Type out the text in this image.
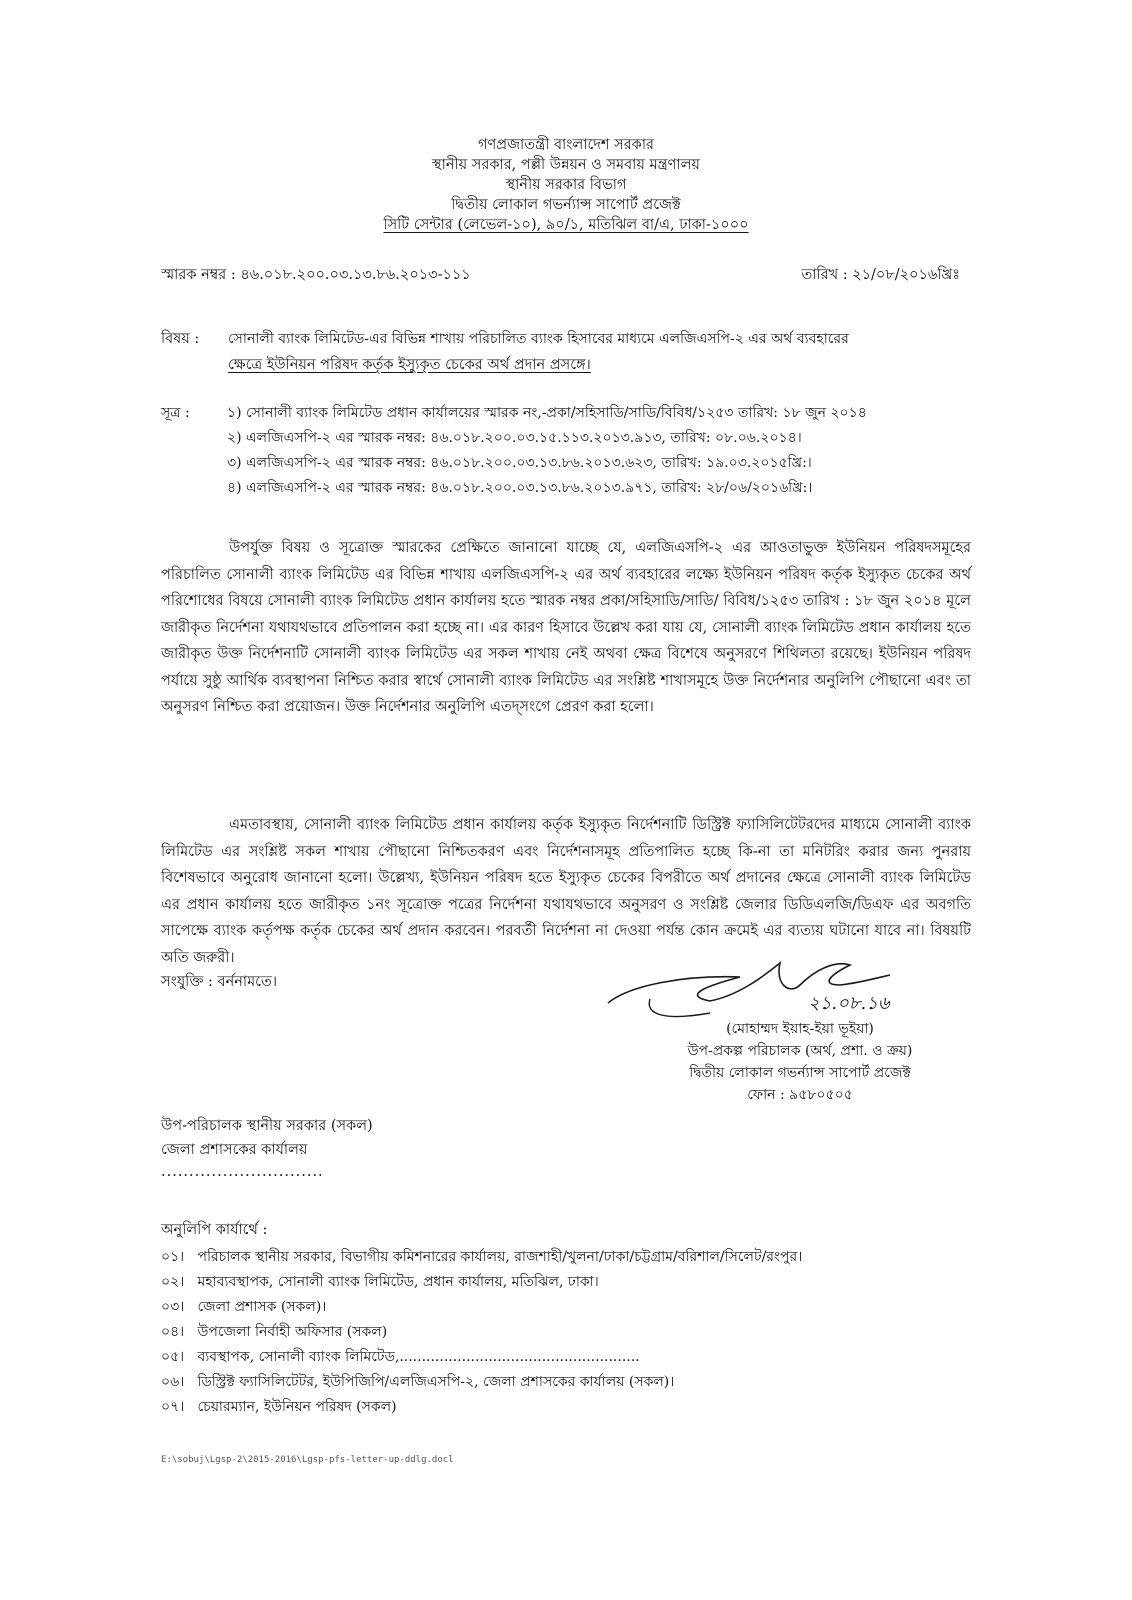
গণপ্রজাতন্ত্রী বাংলাদেশ সরকার
স্থানীয় সরকার, পল্লী উন্নয়ন ও সমবায় মন্ত্রণালয়
স্থানীয় সরকার বিভাগ
দ্বিতীয় লোকাল গভর্ন্যান্স সাপোর্ট প্রজেক্ট
সিটি সেন্টার (লেভেল-১০), ৯০/১, মতিঝিল বা/এ, ঢাকা-১০০০
স্মারক নম্বর : ৪৬.০১৮.২০০.০৩.১৩.৮৬.২০১৩-১১১	তারিখ : ২১/০৮/২০১৬খ্রিঃ
বিষয় : সোনালী ব্যাংক লিমিটেড-এর বিভিন্ন শাখায় পরিচালিত ব্যাংক হিসাবের মাধ্যমে এলজিএসপি-২ এর অর্থ ব্যবহারের
ক্ষেত্রে ইউনিয়ন পরিষদ কর্তৃক ইস্যুকৃত চেকের অর্থ প্রদান প্রসঙ্গে।
সূত্র :	১) সোনালী ব্যাংক লিমিটেড প্রধান কার্যালয়ের স্মারক নং,-প্রকা/সহিসাডি/সাডি/বিবিধ/১২৫৩ তারিখ: ১৮ জুন ২০১৪
২) এলজিএসপি-২ এর স্মারক নম্বর: ৪৬.০১৮.২০০.০৩.১৫.১১৩.২০১৩.৯১৩, তারিখ: ০৮.০৬.২০১৪।
৩) এলজিএসপি-২ এর স্মারক নম্বর: ৪৬.০১৮.২০০.০৩.১৩.৮৬.২০১৩.৬২৩, তারিখ: ১৯.০৩.২০১৫খ্রি:।
৪) এলজিএসপি-২ এর স্মারক নম্বর: ৪৬.০১৮.২০০.০৩.১৩.৮৬.২০১৩.৯৭১, তারিখ: ২৮/০৬/২০১৬খ্রি:।
উপর্যুক্ত বিষয় ও সূত্রোক্ত স্মারকের প্রেক্ষিতে জানানো যাচ্ছে যে, এলজিএসপি-২ এর আওতাভুক্ত ইউনিয়ন পরিষদসমূহের পরিচালিত সোনালী ব্যাংক লিমিটেড এর বিভিন্ন শাখায় এলজিএসপি-২ এর অর্থ ব্যবহারের লক্ষ্যে ইউনিয়ন পরিষদ কর্তৃক ইস্যুকৃত চেকের অর্থ পরিশোধের বিষয়ে সোনালী ব্যাংক লিমিটেড প্রধান কার্যালয় হতে স্মারক নম্বর প্রকা/সহিসাডি/সাডি/ বিবিধ/১২৫৩ তারিখ : ১৮ জুন ২০১৪ মূলে জারীকৃত নির্দেশনা যথাযথভাবে প্রতিপালন করা হচ্ছে না। এর কারণ হিসাবে উল্লেখ করা যায় যে, সোনালী ব্যাংক লিমিটেড প্রধান কার্যালয় হতে জারীকৃত উক্ত নির্দেশনাটি সোনালী ব্যাংক লিমিটেড এর সকল শাখায় নেই অথবা ক্ষেত্র বিশেষে অনুসরণে শিথিলতা রয়েছে। ইউনিয়ন পরিষদ পর্যায়ে সুষ্ঠু আর্থিক ব্যবস্থাপনা নিশ্চিত করার স্বার্থে সোনালী ব্যাংক লিমিটেড এর সংশ্লিষ্ট শাখাসমূহে উক্ত নির্দেশনার অনুলিপি পৌছানো এবং তা অনুসরণ নিশ্চিত করা প্রয়োজন। উক্ত নির্দেশনার অনুলিপি এতদ্সংগে প্রেরণ করা হলো।
এমতাবস্থায়, সোনালী ব্যাংক লিমিটেড প্রধান কার্যালয় কর্তৃক ইস্যুকৃত নির্দেশনাটি ডিস্ট্রিক্ট ফ্যাসিলিটেটরদের মাধ্যমে সোনালী ব্যাংক লিমিটেড এর সংশ্লিষ্ট সকল শাখায় পৌছানো নিশ্চিতকরণ এবং নির্দেশনাসমূহ প্রতিপালিত হচ্ছে কি-না তা মনিটরিং করার জন্য পুনরায় বিশেষভাবে অনুরোধ জানানো হলো। উল্লেখ্য, ইউনিয়ন পরিষদ হতে ইস্যুকৃত চেকের বিপরীতে অর্থ প্রদানের ক্ষেত্রে সোনালী ব্যাংক লিমিটেড এর প্রধান কার্যালয় হতে জারীকৃত ১নং সূত্রোক্ত পত্রের নির্দেশনা যথাযথভাবে অনুসরণ ও সংশ্লিষ্ট জেলার ডিডিএলজি/ডিএফ এর অবগতি সাপেক্ষে ব্যাংক কর্তৃপক্ষ কর্তৃক চেকের অর্থ প্রদান করবেন। পরবর্তী নির্দেশনা না দেওয়া পর্যন্ত কোন ক্রমেই এর ব্যত্যয় ঘটানো যাবে না। বিষয়টি অতি জরুরী।
সংযুক্তি : বর্ননামতে।
২১.০৮.১৬
(মোহাম্মদ ইয়াহ-ইয়া ভূইয়া)
উপ-প্রকল্প পরিচালক (অর্থ, প্রশা. ও ক্রয়)
দ্বিতীয় লোকাল গভর্ন্যান্স সাপোর্ট প্রজেক্ট
ফোন : ৯৫৮০৫০৫
উপ-পরিচালক স্থানীয় সরকার (সকল)
জেলা প্রশাসকের কার্যালয়
.............................
অনুলিপি কার্যার্থে :
০১। পরিচালক স্থানীয় সরকার, বিভাগীয় কমিশনারের কার্যালয়, রাজশাহী/খুলনা/ঢাকা/চট্টগ্রাম/বরিশাল/সিলেট/রংপুর।
০২। মহাব্যবস্থাপক, সোনালী ব্যাংক লিমিটেড, প্রধান কার্যালয়, মতিঝিল, ঢাকা।
০৩। জেলা প্রশাসক (সকল)।
০৪। উপজেলা নির্বাহী অফিসার (সকল)
০৫। ব্যবস্থাপক, সোনালী ব্যাংক লিমিটেড,......................................................
০৬। ডিস্ট্রিক্ট ফ্যাসিলিটেটর, ইউপিজিপি/এলজিএসপি-২, জেলা প্রশাসকের কার্যালয় (সকল)।
০৭। চেয়ারম্যান, ইউনিয়ন পরিষদ (সকল)
E:\sobuj\Lgsp-2\2015-2016\Lgsp-pfs-letter-up-ddlg.docl
